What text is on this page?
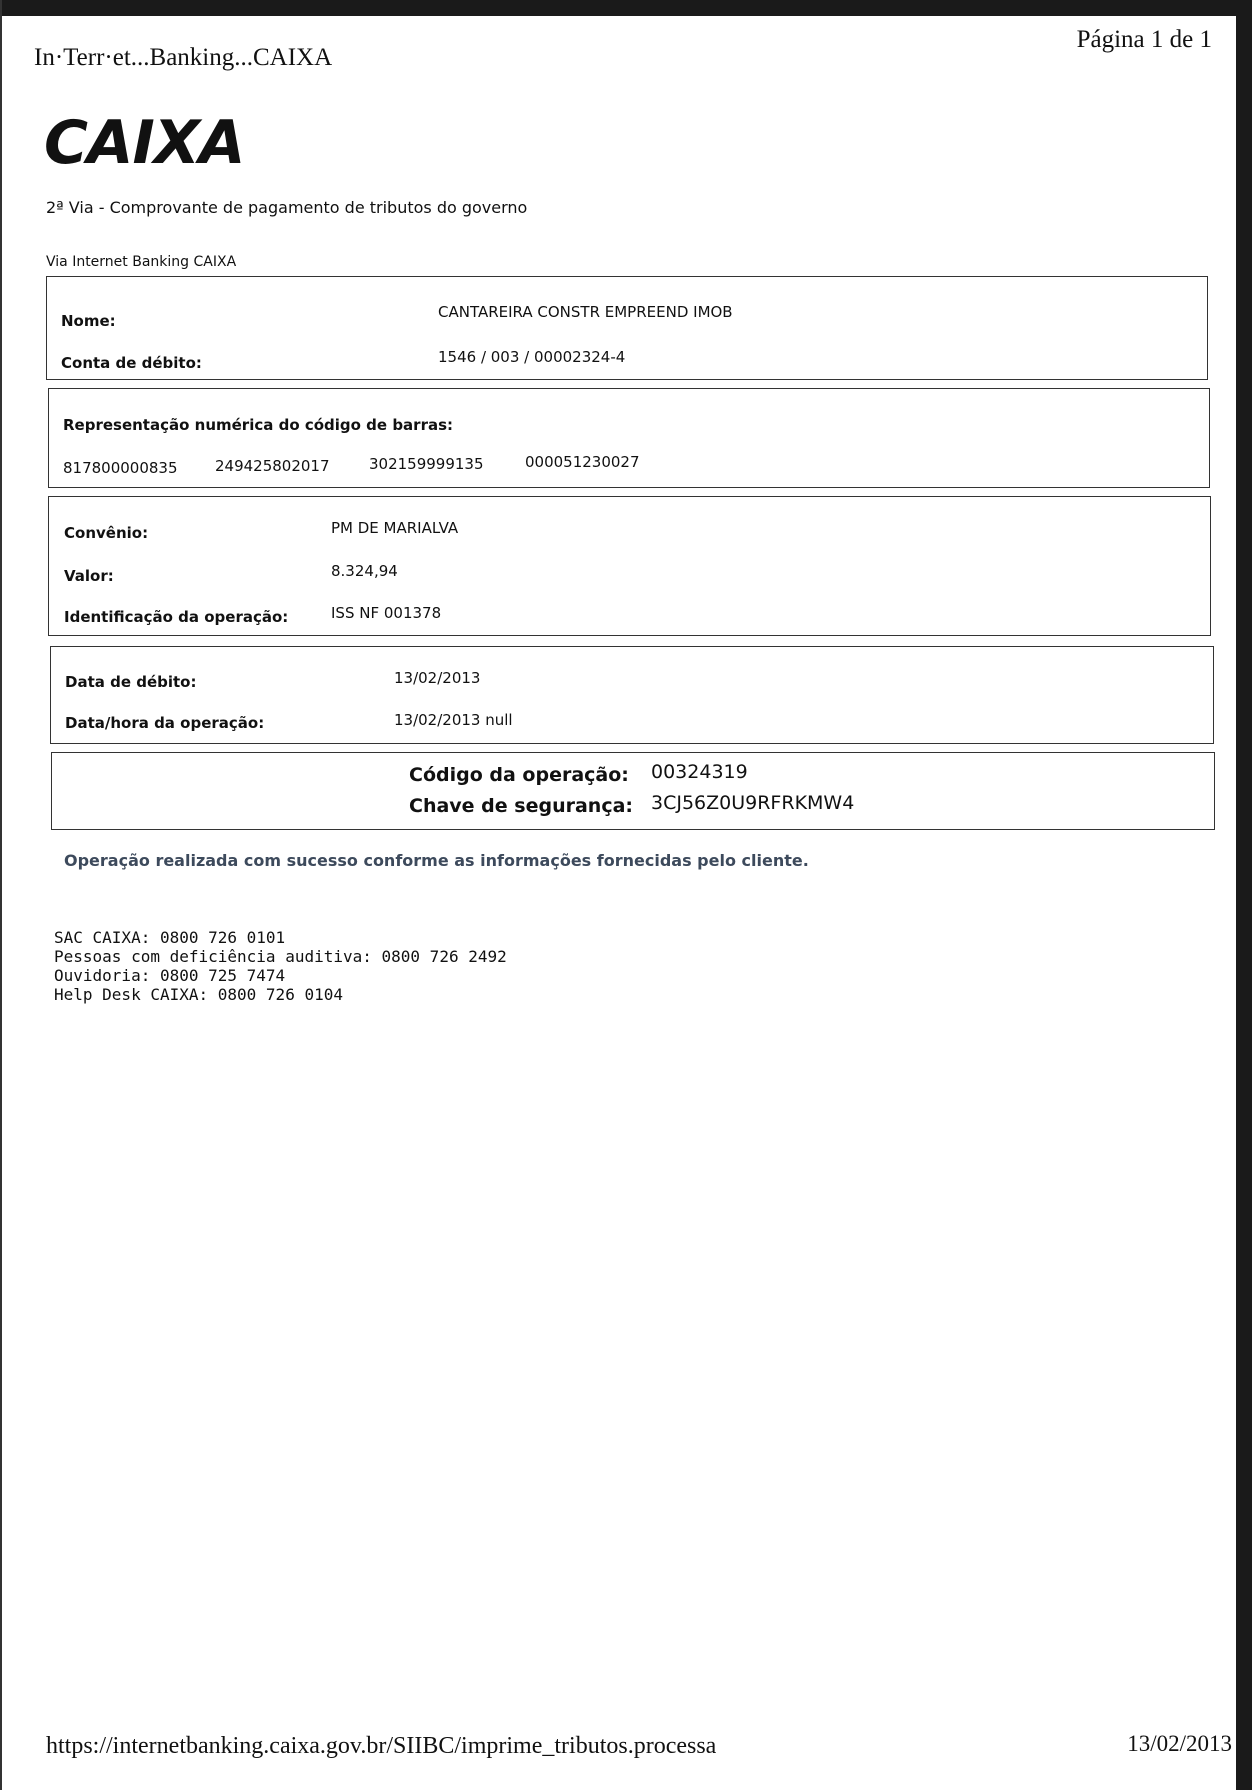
In·Terr·et...Banking...CAIXA
Página 1 de 1
CAIXA
2ª Via - Comprovante de pagamento de tributos do governo
Via Internet Banking CAIXA
Nome:	CANTAREIRA CONSTR EMPREEND IMOB
Conta de débito:	1546 / 003 / 00002324-4
Representação numérica do código de barras:
817800000835 249425802017	302159999135	000051230027
Convênio:	PM DE MARIALVA
Valor:	8.324,94
Identificação da operação:	ISS NF 001378
Data de débito:	13/02/2013
Data/hora da operação:	13/02/2013 null
Código da operação: 00324319
Chave de segurança: 3CJ56Z0U9RFRKMW4
Operação realizada com sucesso conforme as informações fornecidas pelo cliente.
SAC CAIXA: 0800 726 0101
Pessoas com deficiência auditiva: 0800 726 2492
Ouvidoria: 0800 725 7474
Help Desk CAIXA: 0800 726 0104
https://internetbanking.caixa.gov.br/SIIBC/imprime_tributos.processa	13/02/2013
